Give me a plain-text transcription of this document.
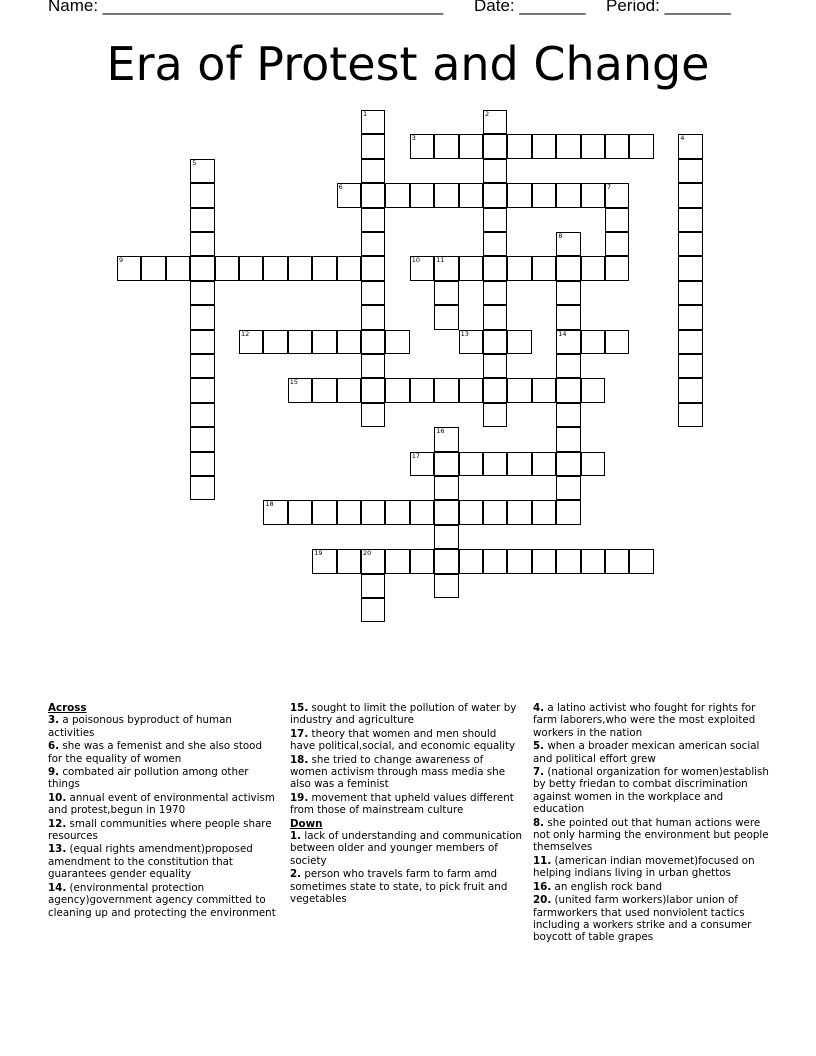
Name: ____________________________________ Date: _______ Period: _______
Era of Protest and Change
1	2
3	4
5
6	7
8
14
9	10 11
12	13
15
16
17
18
19	20
Across
3. a poisonous byproduct of human activities
6. she was a femenist and she also stood for the equality of women
9. combated air pollution among other things
10. annual event of environmental activism and protest,begun in 1970
12. small communities where people share resources
13. (equal rights amendment)proposed amendment to the constitution that guarantees gender equality
14. (environmental protection agency)government agency committed to cleaning up and protecting the environment
15. sought to limit the pollution of water by industry and agriculture
17. theory that women and men should have political,social, and economic equality
18. she tried to change awareness of women activism through mass media she also was a feminist
19. movement that upheld values different from those of mainstream culture
Down
1. lack of understanding and communication between older and younger members of society
2. person who travels farm to farm amd sometimes state to state, to pick fruit and vegetables
4. a latino activist who fought for rights for farm laborers,who were the most exploited workers in the nation
5. when a broader mexican american social and political effort grew
7. (national organization for women)establish by betty friedan to combat discrimination against women in the workplace and education
8. she pointed out that human actions were not only harming the environment but people themselves
11. (american indian movemet)focused on helping indians living in urban ghettos
16. an english rock band
20. (united farm workers)labor union of farmworkers that used nonviolent tactics including a workers strike and a consumer boycott of table grapes
